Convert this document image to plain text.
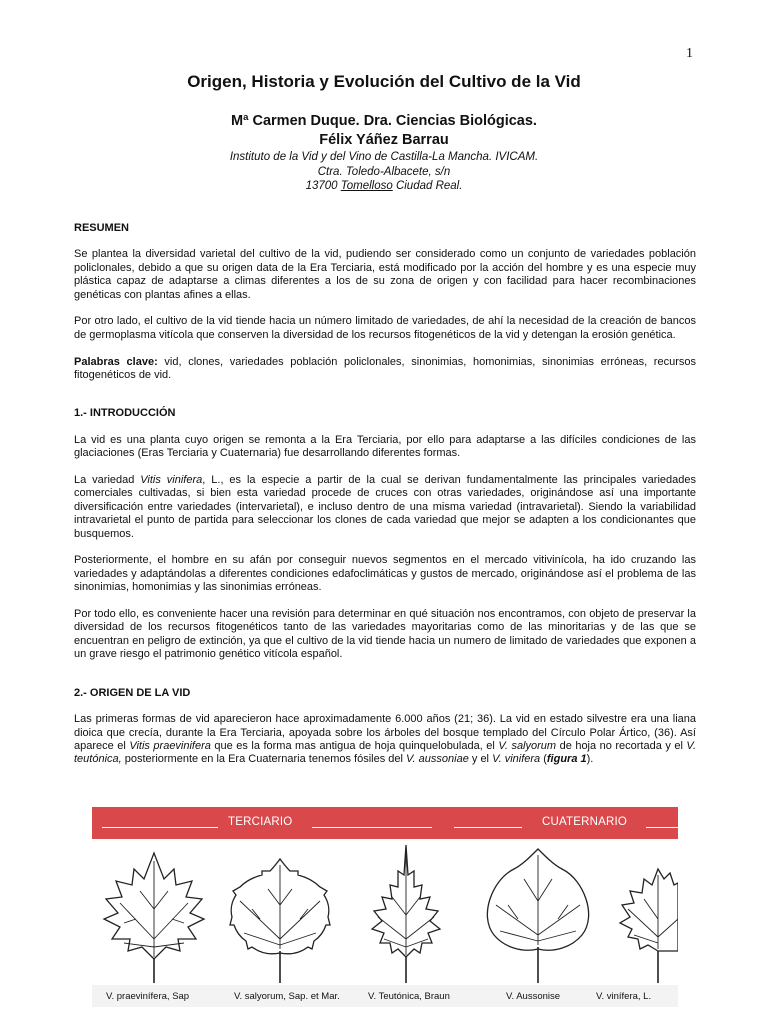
1
Origen, Historia y Evolución del Cultivo de la Vid
Mª Carmen Duque. Dra. Ciencias Biológicas.
Félix Yáñez Barrau
Instituto de la Vid y del Vino de Castilla-La Mancha. IVICAM.
Ctra. Toledo-Albacete, s/n
13700 Tomelloso Ciudad Real.
RESUMEN

Se plantea la diversidad varietal del cultivo de la vid, pudiendo ser considerado como un conjunto de variedades población policlonales, debido a que su origen data de la Era Terciaria, está modificado por la acción del hombre y es una especie muy plástica capaz de adaptarse a climas diferentes a los de su zona de origen y con facilidad para hacer recombinaciones genéticas con plantas afines a ellas.

Por otro lado, el cultivo de la vid tiende hacia un número limitado de variedades, de ahí la necesidad de la creación de bancos de germoplasma vitícola que conserven la diversidad de los recursos fitogenéticos de la vid y detengan la erosión genética.

Palabras clave: vid, clones, variedades población policlonales, sinonimias, homonimias, sinonimias erróneas, recursos fitogenéticos de vid.

1.- INTRODUCCIÓN

La vid es una planta cuyo origen se remonta a la Era Terciaria, por ello para adaptarse a las difíciles condiciones de las glaciaciones (Eras Terciaria y Cuaternaria) fue desarrollando diferentes formas.

La variedad Vitis vinifera, L., es la especie a partir de la cual se derivan fundamentalmente las principales variedades comerciales cultivadas, si bien esta variedad procede de cruces con otras variedades, originándose así una importante diversificación entre variedades (intervarietal), e incluso dentro de una misma variedad (intravarietal). Siendo la variabilidad intravarietal el punto de partida para seleccionar los clones de cada variedad que mejor se adapten a los condicionantes que busquemos.

Posteriormente, el hombre en su afán por conseguir nuevos segmentos en el mercado vitivinícola, ha ido cruzando las variedades y adaptándolas a diferentes condiciones edafoclimáticas y gustos de mercado, originándose así el problema de las sinonimias, homonimias y las sinonimias erróneas.

Por todo ello, es conveniente hacer una revisión para determinar en qué situación nos encontramos, con objeto de preservar la diversidad de los recursos fitogenéticos tanto de las variedades mayoritarias como de las minoritarias y de las que se encuentran en peligro de extinción, ya que el cultivo de la vid tiende hacia un numero de limitado de variedades que exponen a un grave riesgo el patrimonio genético vitícola español.

2.- ORIGEN DE LA VID

Las primeras formas de vid aparecieron hace aproximadamente 6.000 años (21; 36). La vid en estado silvestre era una liana dioica que crecía, durante la Era Terciaria, apoyada sobre los árboles del bosque templado del Círculo Polar Ártico, (36). Así aparece el Vitis praevinifera que es la forma mas antigua de hoja quinquelobulada, el V. salyorum de hoja no recortada y el V. teutónica, posteriormente en la Era Cuaternaria tenemos fósiles del V. aussoniae y el V. vinifera (figura 1).

TERCIARIO	CUATERNARIO
V. praevinífera, Sap	V. salyorum, Sap. et Mar.	V. Teutónica, Braun	V. Aussonise	V. vinífera, L.
